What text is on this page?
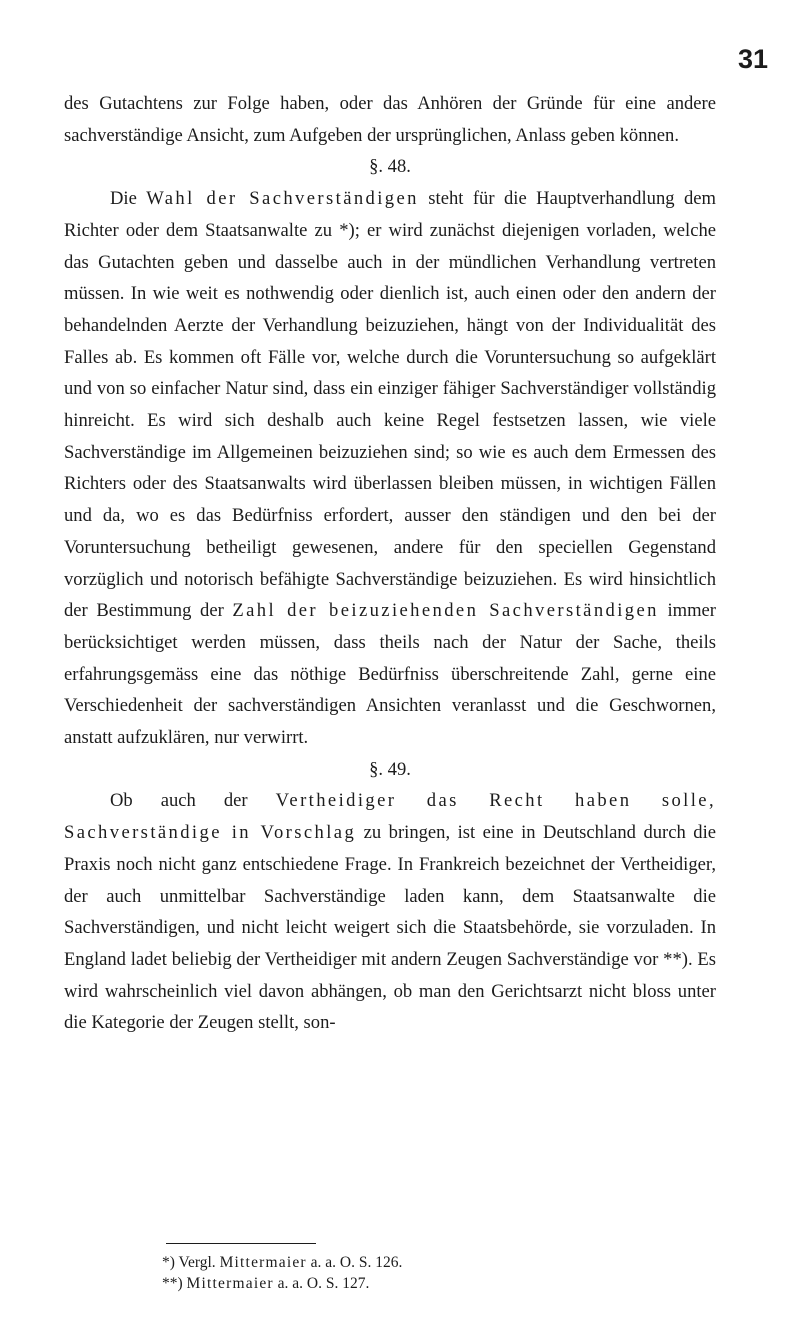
31

des Gutachtens zur Folge haben, oder das Anhören der Gründe für eine andere sachverständige Ansicht, zum Aufgeben der ursprünglichen, Anlass geben können.

§. 48.

Die Wahl der Sachverständigen steht für die Hauptverhandlung dem Richter oder dem Staatsanwalte zu *); er wird zunächst diejenigen vorladen, welche das Gutachten geben und dasselbe auch in der mündlichen Verhandlung vertreten müssen. In wie weit es nothwendig oder dienlich ist, auch einen oder den andern der behandelnden Aerzte der Verhandlung beizuziehen, hängt von der Individualität des Falles ab. Es kommen oft Fälle vor, welche durch die Voruntersuchung so aufgeklärt und von so einfacher Natur sind, dass ein einziger fähiger Sachverständiger vollständig hinreicht. Es wird sich deshalb auch keine Regel festsetzen lassen, wie viele Sachverständige im Allgemeinen beizuziehen sind; so wie es auch dem Ermessen des Richters oder des Staatsanwalts wird überlassen bleiben müssen, in wichtigen Fällen und da, wo es das Bedürfniss erfordert, ausser den ständigen und den bei der Voruntersuchung betheiligt gewesenen, andere für den speciellen Gegenstand vorzüglich und notorisch befähigte Sachverständige beizuziehen. Es wird hinsichtlich der Bestimmung der Zahl der beizuziehenden Sachverständigen immer berücksichtiget werden müssen, dass theils nach der Natur der Sache, theils erfahrungsgemäss eine das nöthige Bedürfniss überschreitende Zahl, gerne eine Verschiedenheit der sachverständigen Ansichten veranlasst und die Geschwornen, anstatt aufzuklären, nur verwirrt.

§. 49.

Ob auch der Vertheidiger das Recht haben solle, Sachverständige in Vorschlag zu bringen, ist eine in Deutschland durch die Praxis noch nicht ganz entschiedene Frage. In Frankreich bezeichnet der Vertheidiger, der auch unmittelbar Sachverständige laden kann, dem Staatsanwalte die Sachverständigen, und nicht leicht weigert sich die Staatsbehörde, sie vorzuladen. In England ladet beliebig der Vertheidiger mit andern Zeugen Sachverständige vor **). Es wird wahrscheinlich viel davon abhängen, ob man den Gerichtsarzt nicht bloss unter die Kategorie der Zeugen stellt, son-

*) Vergl. Mittermaier a. a. O. S. 126.

**) Mittermaier a. a. O. S. 127.
